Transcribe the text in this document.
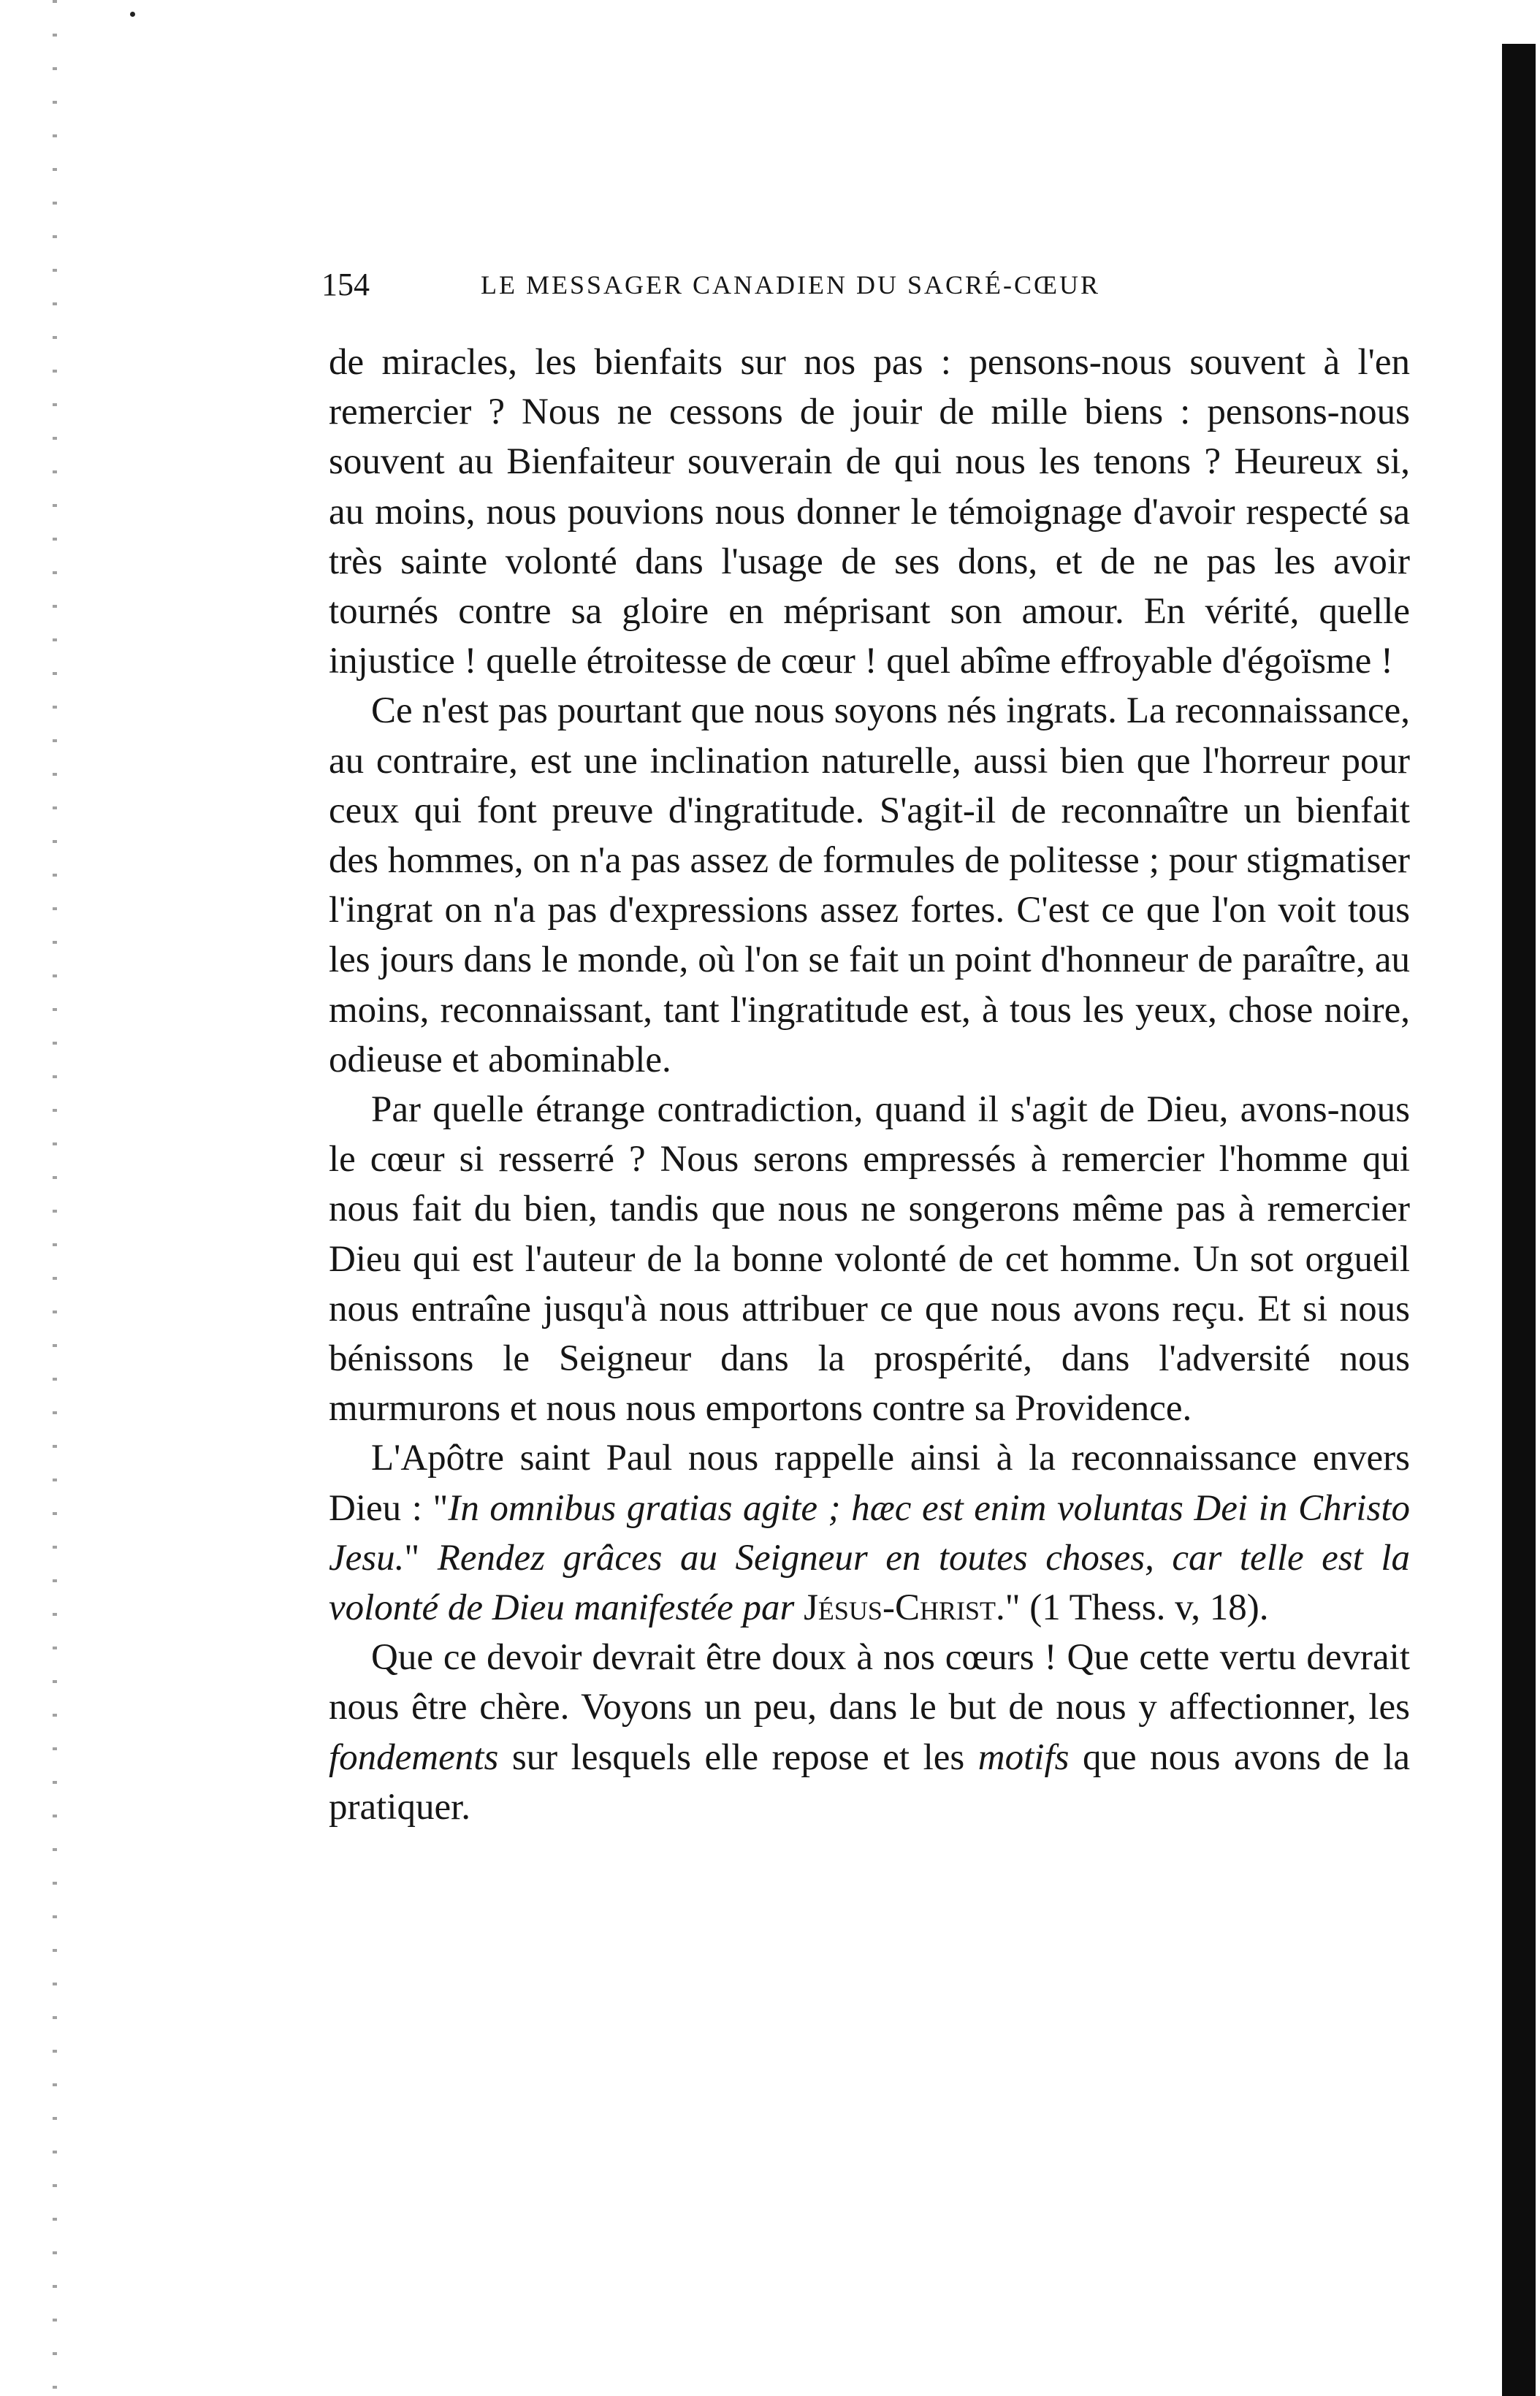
154	LE MESSAGER CANADIEN DU SACRÉ-CŒUR

de miracles, les bienfaits sur nos pas : pensons-nous souvent à l'en remercier ? Nous ne cessons de jouir de mille biens : pensons-nous souvent au Bienfaiteur souverain de qui nous les tenons ? Heureux si, au moins, nous pouvions nous donner le témoignage d'avoir respecté sa très sainte volonté dans l'usage de ses dons, et de ne pas les avoir tournés contre sa gloire en méprisant son amour. En vérité, quelle injustice ! quelle étroitesse de cœur ! quel abîme effroyable d'égoïsme !

Ce n'est pas pourtant que nous soyons nés ingrats. La reconnaissance, au contraire, est une inclination naturelle, aussi bien que l'horreur pour ceux qui font preuve d'ingratitude. S'agit-il de reconnaître un bienfait des hommes, on n'a pas assez de formules de politesse ; pour stigmatiser l'ingrat on n'a pas d'expressions assez fortes. C'est ce que l'on voit tous les jours dans le monde, où l'on se fait un point d'honneur de paraître, au moins, reconnaissant, tant l'ingratitude est, à tous les yeux, chose noire, odieuse et abominable.

Par quelle étrange contradiction, quand il s'agit de Dieu, avons-nous le cœur si resserré ? Nous serons empressés à remercier l'homme qui nous fait du bien, tandis que nous ne songerons même pas à remercier Dieu qui est l'auteur de la bonne volonté de cet homme. Un sot orgueil nous entraîne jusqu'à nous attribuer ce que nous avons reçu. Et si nous bénissons le Seigneur dans la prospérité, dans l'adversité nous murmurons et nous nous emportons contre sa Providence.

L'Apôtre saint Paul nous rappelle ainsi à la reconnaissance envers Dieu : "In omnibus gratias agite ; hæc est enim voluntas Dei in Christo Jesu." Rendez grâces au Seigneur en toutes choses, car telle est la volonté de Dieu manifestée par Jésus-Christ." (1 Thess. v, 18).

Que ce devoir devrait être doux à nos cœurs ! Que cette vertu devrait nous être chère. Voyons un peu, dans le but de nous y affectionner, les fondements sur lesquels elle repose et les motifs que nous avons de la pratiquer.
